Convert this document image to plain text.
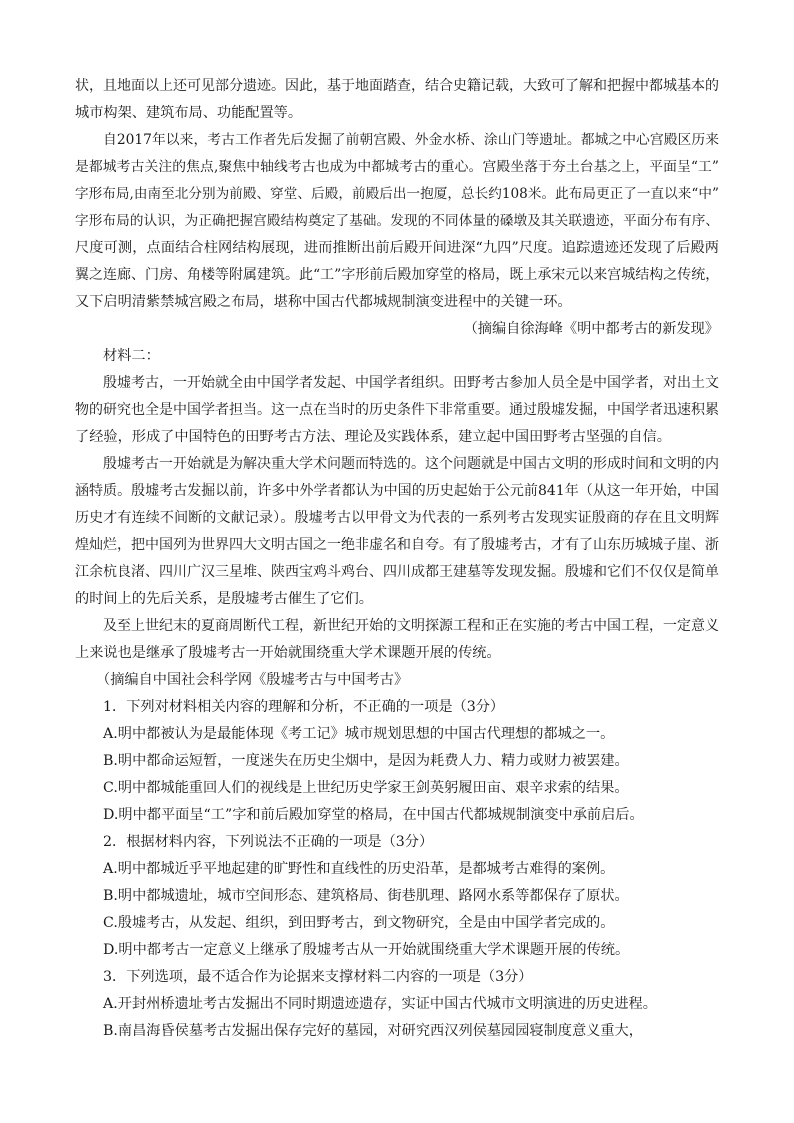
状，且地面以上还可见部分遗迹。因此，基于地面踏查，结合史籍记载，大致可了解和把握中都城基本的
城市构架、建筑布局、功能配置等。
自2017年以来，考古工作者先后发掘了前朝宫殿、外金水桥、涂山门等遗址。都城之中心宫殿区历来
是都城考古关注的焦点,聚焦中轴线考古也成为中都城考古的重心。宫殿坐落于夯土台基之上，平面呈“工”
字形布局,由南至北分别为前殿、穿堂、后殿，前殿后出一抱厦，总长约108米。此布局更正了一直以来“中”
字形布局的认识，为正确把握宫殿结构奠定了基础。发现的不同体量的磉墩及其关联遗迹，平面分布有序、
尺度可测，点面结合柱网结构展现，进而推断出前后殿开间进深“九四”尺度。追踪遗迹还发现了后殿两
翼之连廊、门房、角楼等附属建筑。此“工”字形前后殿加穿堂的格局，既上承宋元以来宫城结构之传统，
又下启明清紫禁城宫殿之布局，堪称中国古代都城规制演变进程中的关键一环。
（摘编自徐海峰《明中都考古的新发现》
材料二：
殷墟考古，一开始就全由中国学者发起、中国学者组织。田野考古参加人员全是中国学者，对出土文
物的研究也全是中国学者担当。这一点在当时的历史条件下非常重要。通过殷墟发掘，中国学者迅速积累
了经验，形成了中国特色的田野考古方法、理论及实践体系，建立起中国田野考古坚强的自信。
殷墟考古一开始就是为解决重大学术问题而特选的。这个问题就是中国古文明的形成时间和文明的内
涵特质。殷墟考古发掘以前，许多中外学者都认为中国的历史起始于公元前841年（从这一年开始，中国
历史才有连续不间断的文献记录）。殷墟考古以甲骨文为代表的一系列考古发现实证殷商的存在且文明辉
煌灿烂，把中国列为世界四大文明古国之一绝非虚名和自夸。有了殷墟考古，才有了山东历城城子崖、浙
江余杭良渚、四川广汉三星堆、陕西宝鸡斗鸡台、四川成都王建墓等发现发掘。殷墟和它们不仅仅是简单
的时间上的先后关系，是殷墟考古催生了它们。
及至上世纪末的夏商周断代工程，新世纪开始的文明探源工程和正在实施的考古中国工程，一定意义
上来说也是继承了殷墟考古一开始就围绕重大学术课题开展的传统。
（摘编自中国社会科学网《殷墟考古与中国考古》
1．下列对材料相关内容的理解和分析，不正确的一项是（3分）
A.明中都被认为是最能体现《考工记》城市规划思想的中国古代理想的都城之一。
B.明中都命运短暂，一度迷失在历史尘烟中，是因为耗费人力、精力或财力被罢建。
C.明中都城能重回人们的视线是上世纪历史学家王剑英躬履田亩、艰辛求索的结果。
D.明中都平面呈“工”字和前后殿加穿堂的格局，在中国古代都城规制演变中承前启后。
2．根据材料内容，下列说法不正确的一项是（3分）
A.明中都城近乎平地起建的旷野性和直线性的历史沿革，是都城考古难得的案例。
B.明中都城遗址，城市空间形态、建筑格局、街巷肌理、路网水系等都保存了原状。
C.殷墟考古，从发起、组织，到田野考古，到文物研究，全是由中国学者完成的。
D.明中都考古一定意义上继承了殷墟考古从一开始就围绕重大学术课题开展的传统。
3．下列选项，最不适合作为论据来支撑材料二内容的一项是（3分）
A.开封州桥遗址考古发掘出不同时期遗迹遗存，实证中国古代城市文明演进的历史进程。
B.南昌海昏侯墓考古发掘出保存完好的墓园，对研究西汉列侯墓园园寝制度意义重大，
